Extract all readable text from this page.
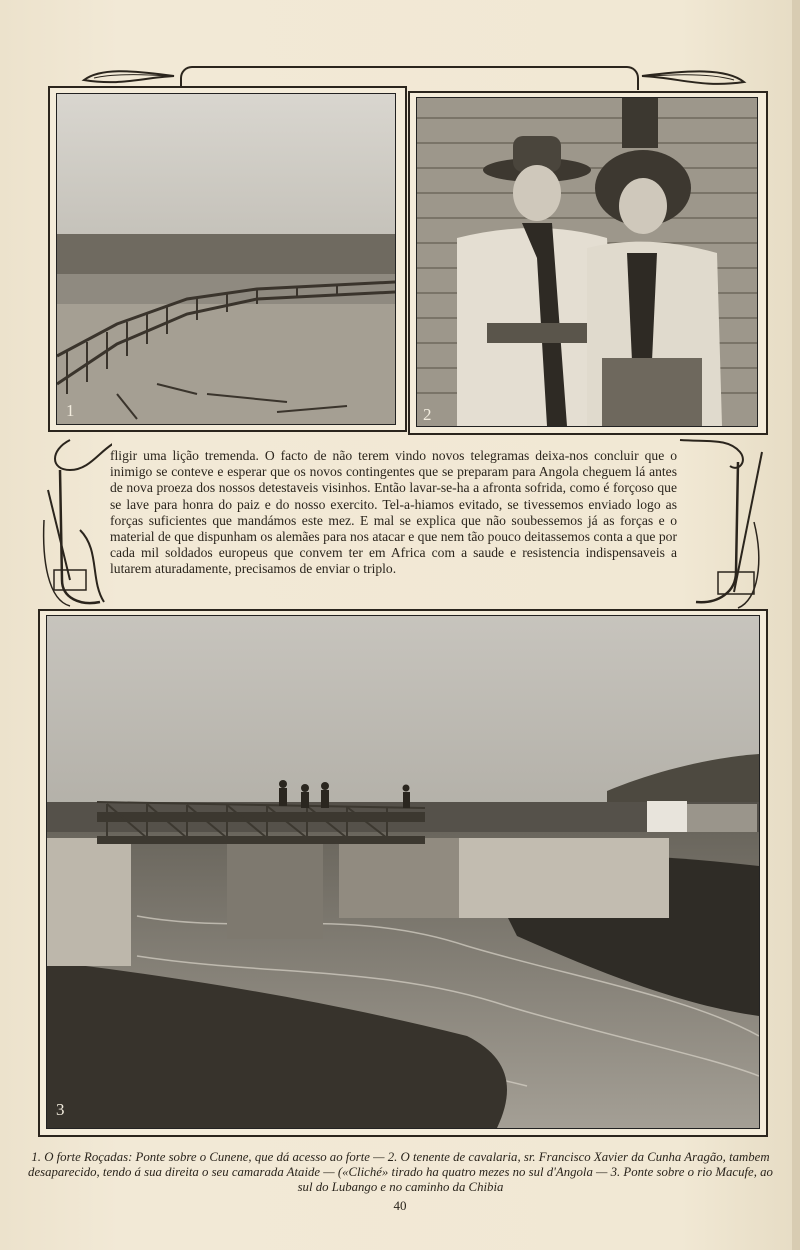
1	2

fligir uma lição tremenda. O facto de não terem vindo novos telegramas deixa-nos concluir que o inimigo se conteve e esperar que os novos contingentes que se preparam para Angola cheguem lá antes de nova proeza dos nossos detestaveis visinhos. Então lavar-se-ha a afronta sofrida, como é forçoso que se lave para honra do paiz e do nosso exercito. Tel-a-hiamos evitado, se tivessemos enviado logo as forças suficientes que mandámos este mez. E mal se explica que não soubessemos já as forças e o material de que dispunham os alemães para nos atacar e que nem tão pouco deitassemos conta a que por cada mil soldados europeus que convem ter em Africa com a saude e resistencia indispensaveis a lutarem aturadamente, precisamos de enviar o triplo.

3

1. O forte Roçadas: Ponte sobre o Cunene, que dá acesso ao forte — 2. O tenente de cavalaria, sr. Francisco Xavier da Cunha Aragão, tambem desaparecido, tendo á sua direita o seu camarada Ataide — («Cliché» tirado ha quatro mezes no sul d'Angola — 3. Ponte sobre o rio Macufe, ao sul do Lubango e no caminho da Chibia

40
